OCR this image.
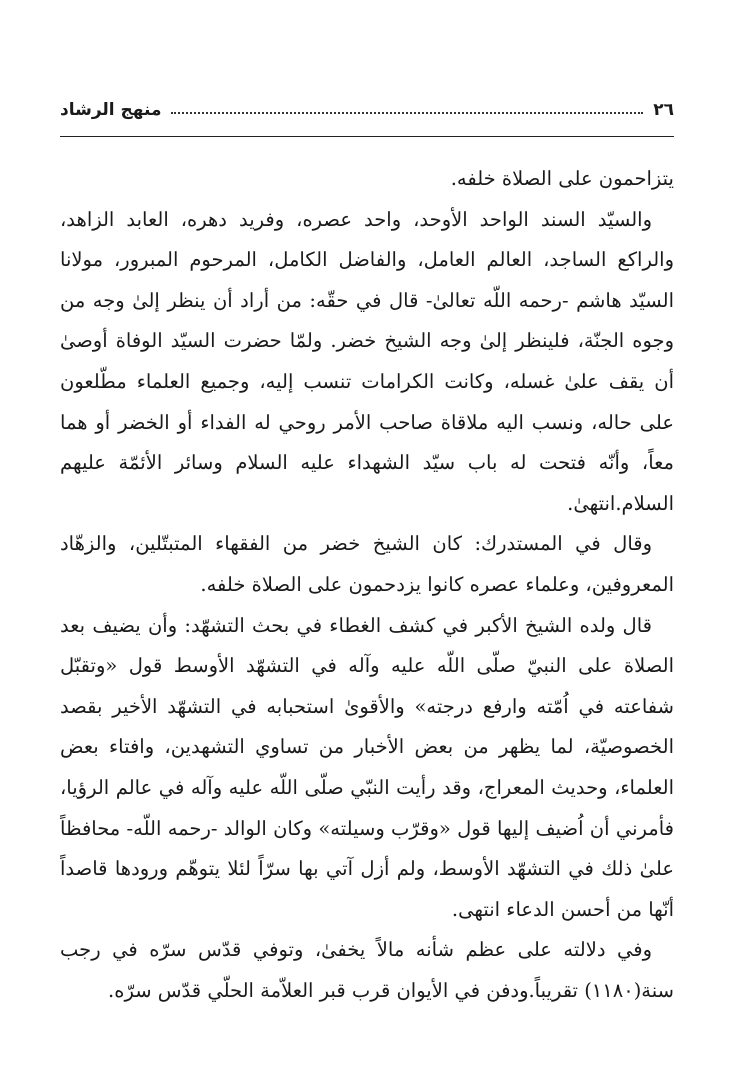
٢٦
منهج الرشاد

يتزاحمون على الصلاة خلفه.

والسيّد السند الواحد الأوحد، واحد عصره، وفريد دهره، العابد الزاهد، والراكع الساجد، العالم العامل، والفاضل الكامل، المرحوم المبرور، مولانا السيّد هاشم -رحمه اللّه تعالىٰ- قال في حقّه: من أراد أن ينظر إلىٰ وجه من وجوه الجنّة، فلينظر إلىٰ وجه الشيخ خضر. ولمّا حضرت السيّد الوفاة أوصىٰ أن يقف علىٰ غسله، وكانت الكرامات تنسب إليه، وجميع العلماء مطّلعون على حاله، ونسب اليه ملاقاة صاحب الأمر روحي له الفداء أو الخضر أو هما معاً، وأنّه فتحت له باب سيّد الشهداء عليه السلام وسائر الأئمّة عليهم السلام.انتهىٰ.

وقال في المستدرك: كان الشيخ خضر من الفقهاء المتبتّلين، والزهّاد المعروفين، وعلماء عصره كانوا يزدحمون على الصلاة خلفه.

قال ولده الشيخ الأكبر في كشف الغطاء في بحث التشهّد: وأن يضيف بعد الصلاة على النبيّ صلّى اللّه عليه وآله في التشهّد الأوسط قول «وتقبّل شفاعته في اُمّته وارفع درجته» والأقوىٰ استحبابه في التشهّد الأخير بقصد الخصوصيّة، لما يظهر من بعض الأخبار من تساوي التشهدين، وافتاء بعض العلماء، وحديث المعراج، وقد رأيت النبّي صلّى اللّه عليه وآله في عالم الرؤيا، فأمرني أن اُضيف إليها قول «وقرّب وسيلته» وكان الوالد -رحمه اللّه- محافظاً علىٰ ذلك في التشهّد الأوسط، ولم أزل آتي بها سرّاً لئلا يتوهّم ورودها قاصداً أنّها من أحسن الدعاء انتهى.

وفي دلالته على عظم شأنه مالاً يخفىٰ، وتوفي قدّس سرّه في رجب سنة(١١٨٠) تقريباً.ودفن في الأيوان قرب قبر العلاّمة الحلّي قدّس سرّه.
